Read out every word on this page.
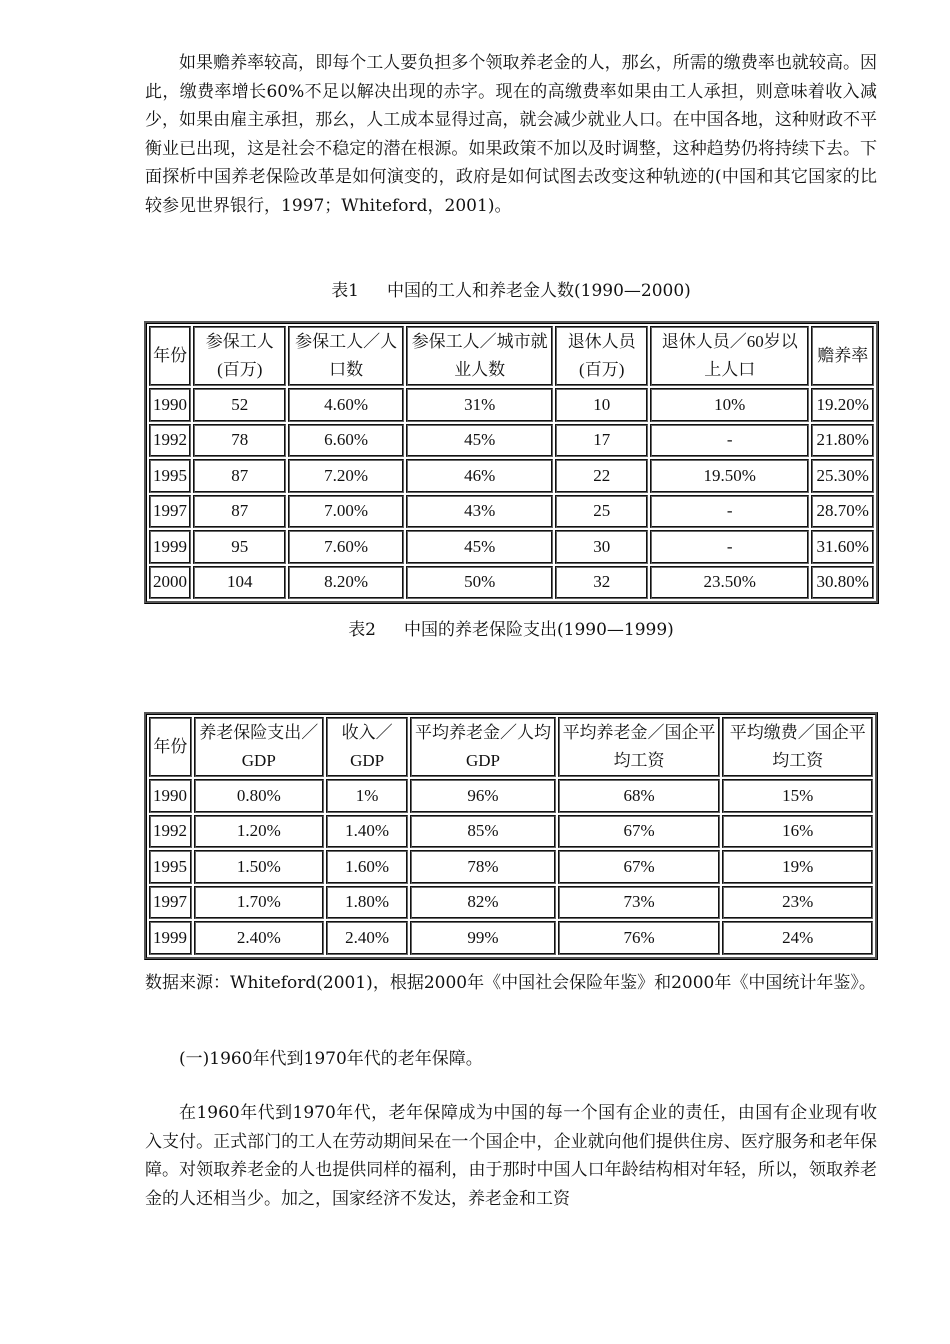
如果赡养率较高，即每个工人要负担多个领取养老金的人，那幺，所需的缴费率也就较高。因此，缴费率增长60%不足以解决出现的赤字。现在的高缴费率如果由工人承担，则意味着收入减少，如果由雇主承担，那幺，人工成本显得过高，就会减少就业人口。在中国各地，这种财政不平衡业已出现，这是社会不稳定的潜在根源。如果政策不加以及时调整，这种趋势仍将持续下去。下面探析中国养老保险改革是如何演变的，政府是如何试图去改变这种轨迹的(中国和其它国家的比较参见世界银行，1997；Whiteford，2001)。

表1 中国的工人和养老金人数(1990—2000)

年份	参保工人(百万)	参保工人／人口数	参保工人／城市就业人数	退休人员(百万)	退休人员／60岁以上人口	赡养率
1990	52	4.60%	31%	10	10%	19.20%
1992	78	6.60%	45%	17	-	21.80%
1995	87	7.20%	46%	22	19.50%	25.30%
1997	87	7.00%	43%	25	-	28.70%
1999	95	7.60%	45%	30	-	31.60%
2000	104	8.20%	50%	32	23.50%	30.80%

表2 中国的养老保险支出(1990—1999)

年份	养老保险支出／GDP	收入／GDP	平均养老金／人均GDP	平均养老金／国企平均工资	平均缴费／国企平均工资
1990	0.80%	1%	96%	68%	15%
1992	1.20%	1.40%	85%	67%	16%
1995	1.50%	1.60%	78%	67%	19%
1997	1.70%	1.80%	82%	73%	23%
1999	2.40%	2.40%	99%	76%	24%

数据来源：Whiteford(2001)，根据2000年《中国社会保险年鉴》和2000年《中国统计年鉴》。

(一)1960年代到1970年代的老年保障。

在1960年代到1970年代，老年保障成为中国的每一个国有企业的责任，由国有企业现有收入支付。正式部门的工人在劳动期间呆在一个国企中，企业就向他们提供住房、医疗服务和老年保障。对领取养老金的人也提供同样的福利，由于那时中国人口年龄结构相对年轻，所以，领取养老金的人还相当少。加之，国家经济不发达，养老金和工资
